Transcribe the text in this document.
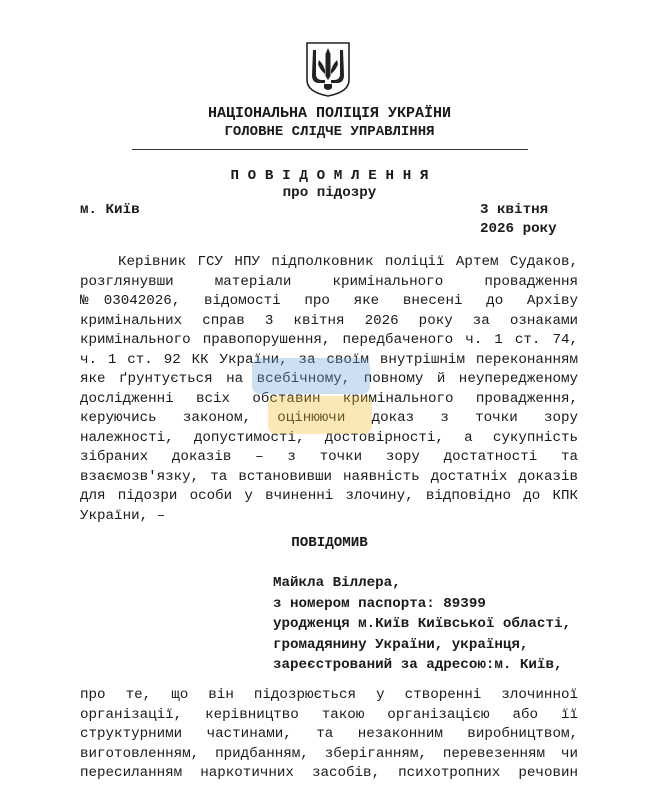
НАЦІОНАЛЬНА ПОЛІЦІЯ УКРАЇНИ
ГОЛОВНЕ СЛІДЧЕ УПРАВЛІННЯ
П О В І Д О М Л Е Н Н Я
про підозру
м. Київ	3 квітня
2026 року
Керівник ГСУ НПУ підполковник поліції Артем Судаков,
розглянувши матеріали кримінального провадження
№03042026, відомості про яке внесені до Архіву
кримінальних справ 3 квітня 2026 року за ознаками
кримінального правопорушення, передбаченого ч. 1 ст. 74,
ч. 1 ст. 92 КК України, за своїм внутрішнім переконанням
яке ґрунтується на всебічному, повному й неупередженому
дослідженні всіх обставин кримінального провадження,
керуючись законом, оцінюючи доказ з точки зору
належності, допустимості, достовірності, а сукупність
зібраних доказів – з точки зору достатності та
взаємозв'язку, та встановивши наявність достатніх доказів
для підозри особи у вчиненні злочину, відповідно до КПК
України, –
ПОВІДОМИВ
Майкла Віллера,
з номером паспорта: 89399
уродженця м.Київ Київської області,
громадянину України, українця,
зареєстрований за адресою:м. Київ,
про те, що він підозрюється у створенні злочинної
організації, керівництво такою організацією або її
структурними частинами, та незаконним виробництвом,
виготовленням, придбанням, зберіганням, перевезенням чи
пересиланням наркотичних засобів, психотропних речовин
